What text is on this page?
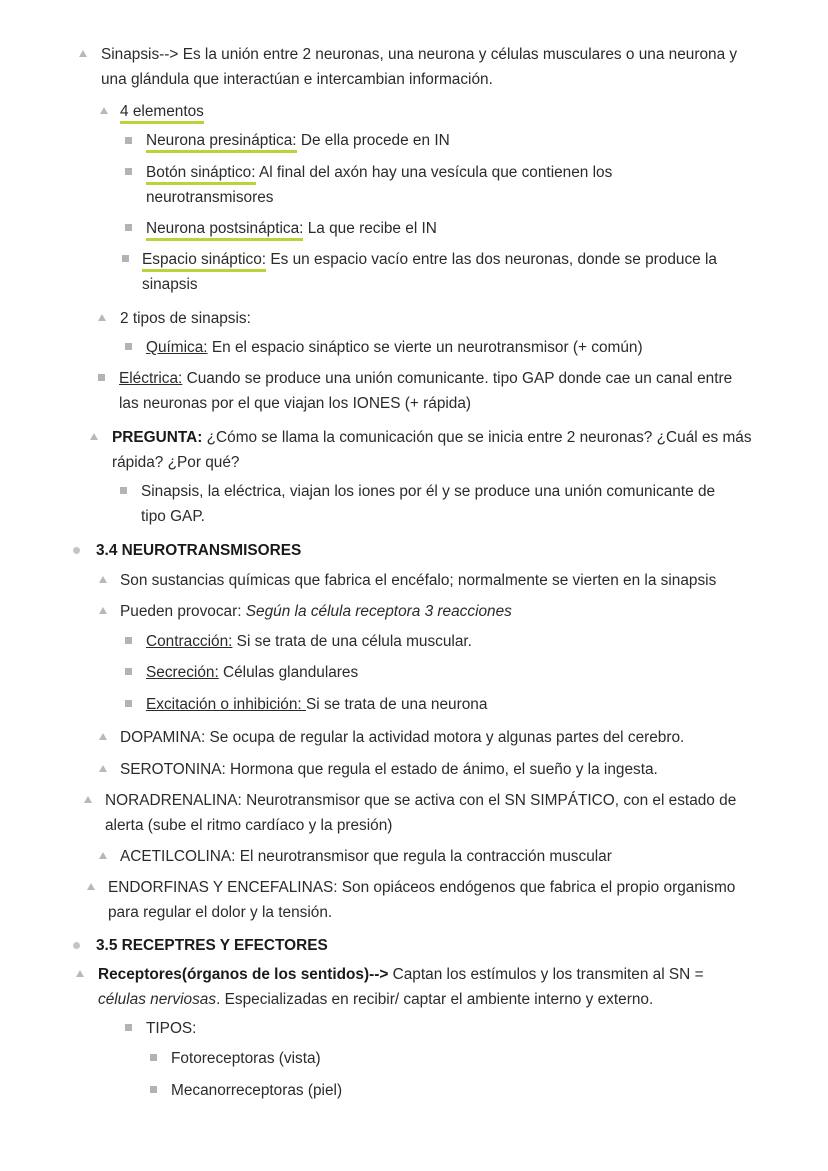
Sinapsis--> Es la unión entre 2 neuronas, una neurona y células musculares o una neurona y
una glándula que interactúan e intercambian información.
4 elementos
Neurona presináptica: De ella procede en IN
Botón sináptico: Al final del axón hay una vesícula que contienen los
neurotransmisores
Neurona postsináptica: La que recibe el IN
Espacio sináptico: Es un espacio vacío entre las dos neuronas, donde se produce la
sinapsis
2 tipos de sinapsis:
Química: En el espacio sináptico se vierte un neurotransmisor (+ común)
Eléctrica: Cuando se produce una unión comunicante. tipo GAP donde cae un canal entre
las neuronas por el que viajan los IONES (+ rápida)
PREGUNTA: ¿Cómo se llama la comunicación que se inicia entre 2 neuronas? ¿Cuál es más
rápida? ¿Por qué?
Sinapsis, la eléctrica, viajan los iones por él y se produce una unión comunicante de
tipo GAP.
3.4 NEUROTRANSMISORES
Son sustancias químicas que fabrica el encéfalo; normalmente se vierten en la sinapsis
Pueden provocar: Según la célula receptora 3 reacciones
Contracción: Si se trata de una célula muscular.
Secreción: Células glandulares
Excitación o inhibición: Si se trata de una neurona
DOPAMINA: Se ocupa de regular la actividad motora y algunas partes del cerebro.
SEROTONINA: Hormona que regula el estado de ánimo, el sueño y la ingesta.
NORADRENALINA: Neurotransmisor que se activa con el SN SIMPÁTICO, con el estado de
alerta (sube el ritmo cardíaco y la presión)
ACETILCOLINA: El neurotransmisor que regula la contracción muscular
ENDORFINAS Y ENCEFALINAS: Son opiáceos endógenos que fabrica el propio organismo
para regular el dolor y la tensión.
3.5 RECEPTRES Y EFECTORES
Receptores(órganos de los sentidos)--> Captan los estímulos y los transmiten al SN =
células nerviosas. Especializadas en recibir/ captar el ambiente interno y externo.
TIPOS:
Fotoreceptoras (vista)
Mecanorreceptoras (piel)
